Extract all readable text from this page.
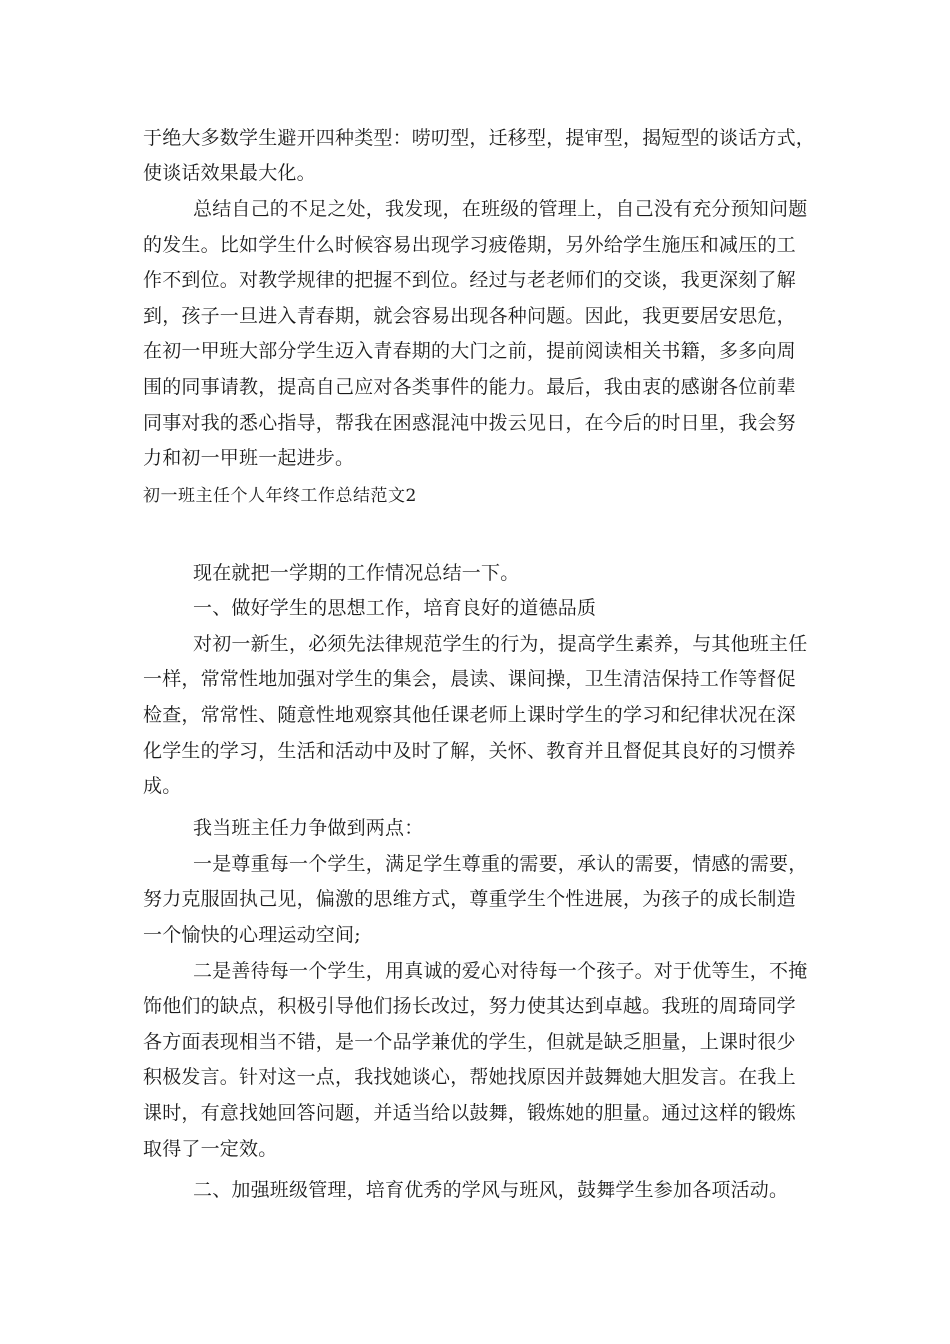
于绝大多数学生避开四种类型：唠叨型，迁移型，提审型，揭短型的谈话方式，
使谈话效果最大化。
总结自己的不足之处，我发现，在班级的管理上，自己没有充分预知问题
的发生。比如学生什么时候容易出现学习疲倦期，另外给学生施压和减压的工
作不到位。对教学规律的把握不到位。经过与老老师们的交谈，我更深刻了解
到，孩子一旦进入青春期，就会容易出现各种问题。因此，我更要居安思危，
在初一甲班大部分学生迈入青春期的大门之前，提前阅读相关书籍，多多向周
围的同事请教，提高自己应对各类事件的能力。最后，我由衷的感谢各位前辈
同事对我的悉心指导，帮我在困惑混沌中拨云见日，在今后的时日里，我会努
力和初一甲班一起进步。
初一班主任个人年终工作总结范文2
现在就把一学期的工作情况总结一下。
一、做好学生的思想工作，培育良好的道德品质
对初一新生，必须先法律规范学生的行为，提高学生素养，与其他班主任
一样，常常性地加强对学生的集会，晨读、课间操，卫生清洁保持工作等督促
检查，常常性、随意性地观察其他任课老师上课时学生的学习和纪律状况在深
化学生的学习，生活和活动中及时了解，关怀、教育并且督促其良好的习惯养
成。
我当班主任力争做到两点：
一是尊重每一个学生，满足学生尊重的需要，承认的需要，情感的需要，
努力克服固执己见，偏激的思维方式，尊重学生个性进展，为孩子的成长制造
一个愉快的心理运动空间;
二是善待每一个学生，用真诚的爱心对待每一个孩子。对于优等生，不掩
饰他们的缺点，积极引导他们扬长改过，努力使其达到卓越。我班的周琦同学
各方面表现相当不错，是一个品学兼优的学生，但就是缺乏胆量，上课时很少
积极发言。针对这一点，我找她谈心，帮她找原因并鼓舞她大胆发言。在我上
课时，有意找她回答问题，并适当给以鼓舞，锻炼她的胆量。通过这样的锻炼
取得了一定效。
二、加强班级管理，培育优秀的学风与班风，鼓舞学生参加各项活动。
